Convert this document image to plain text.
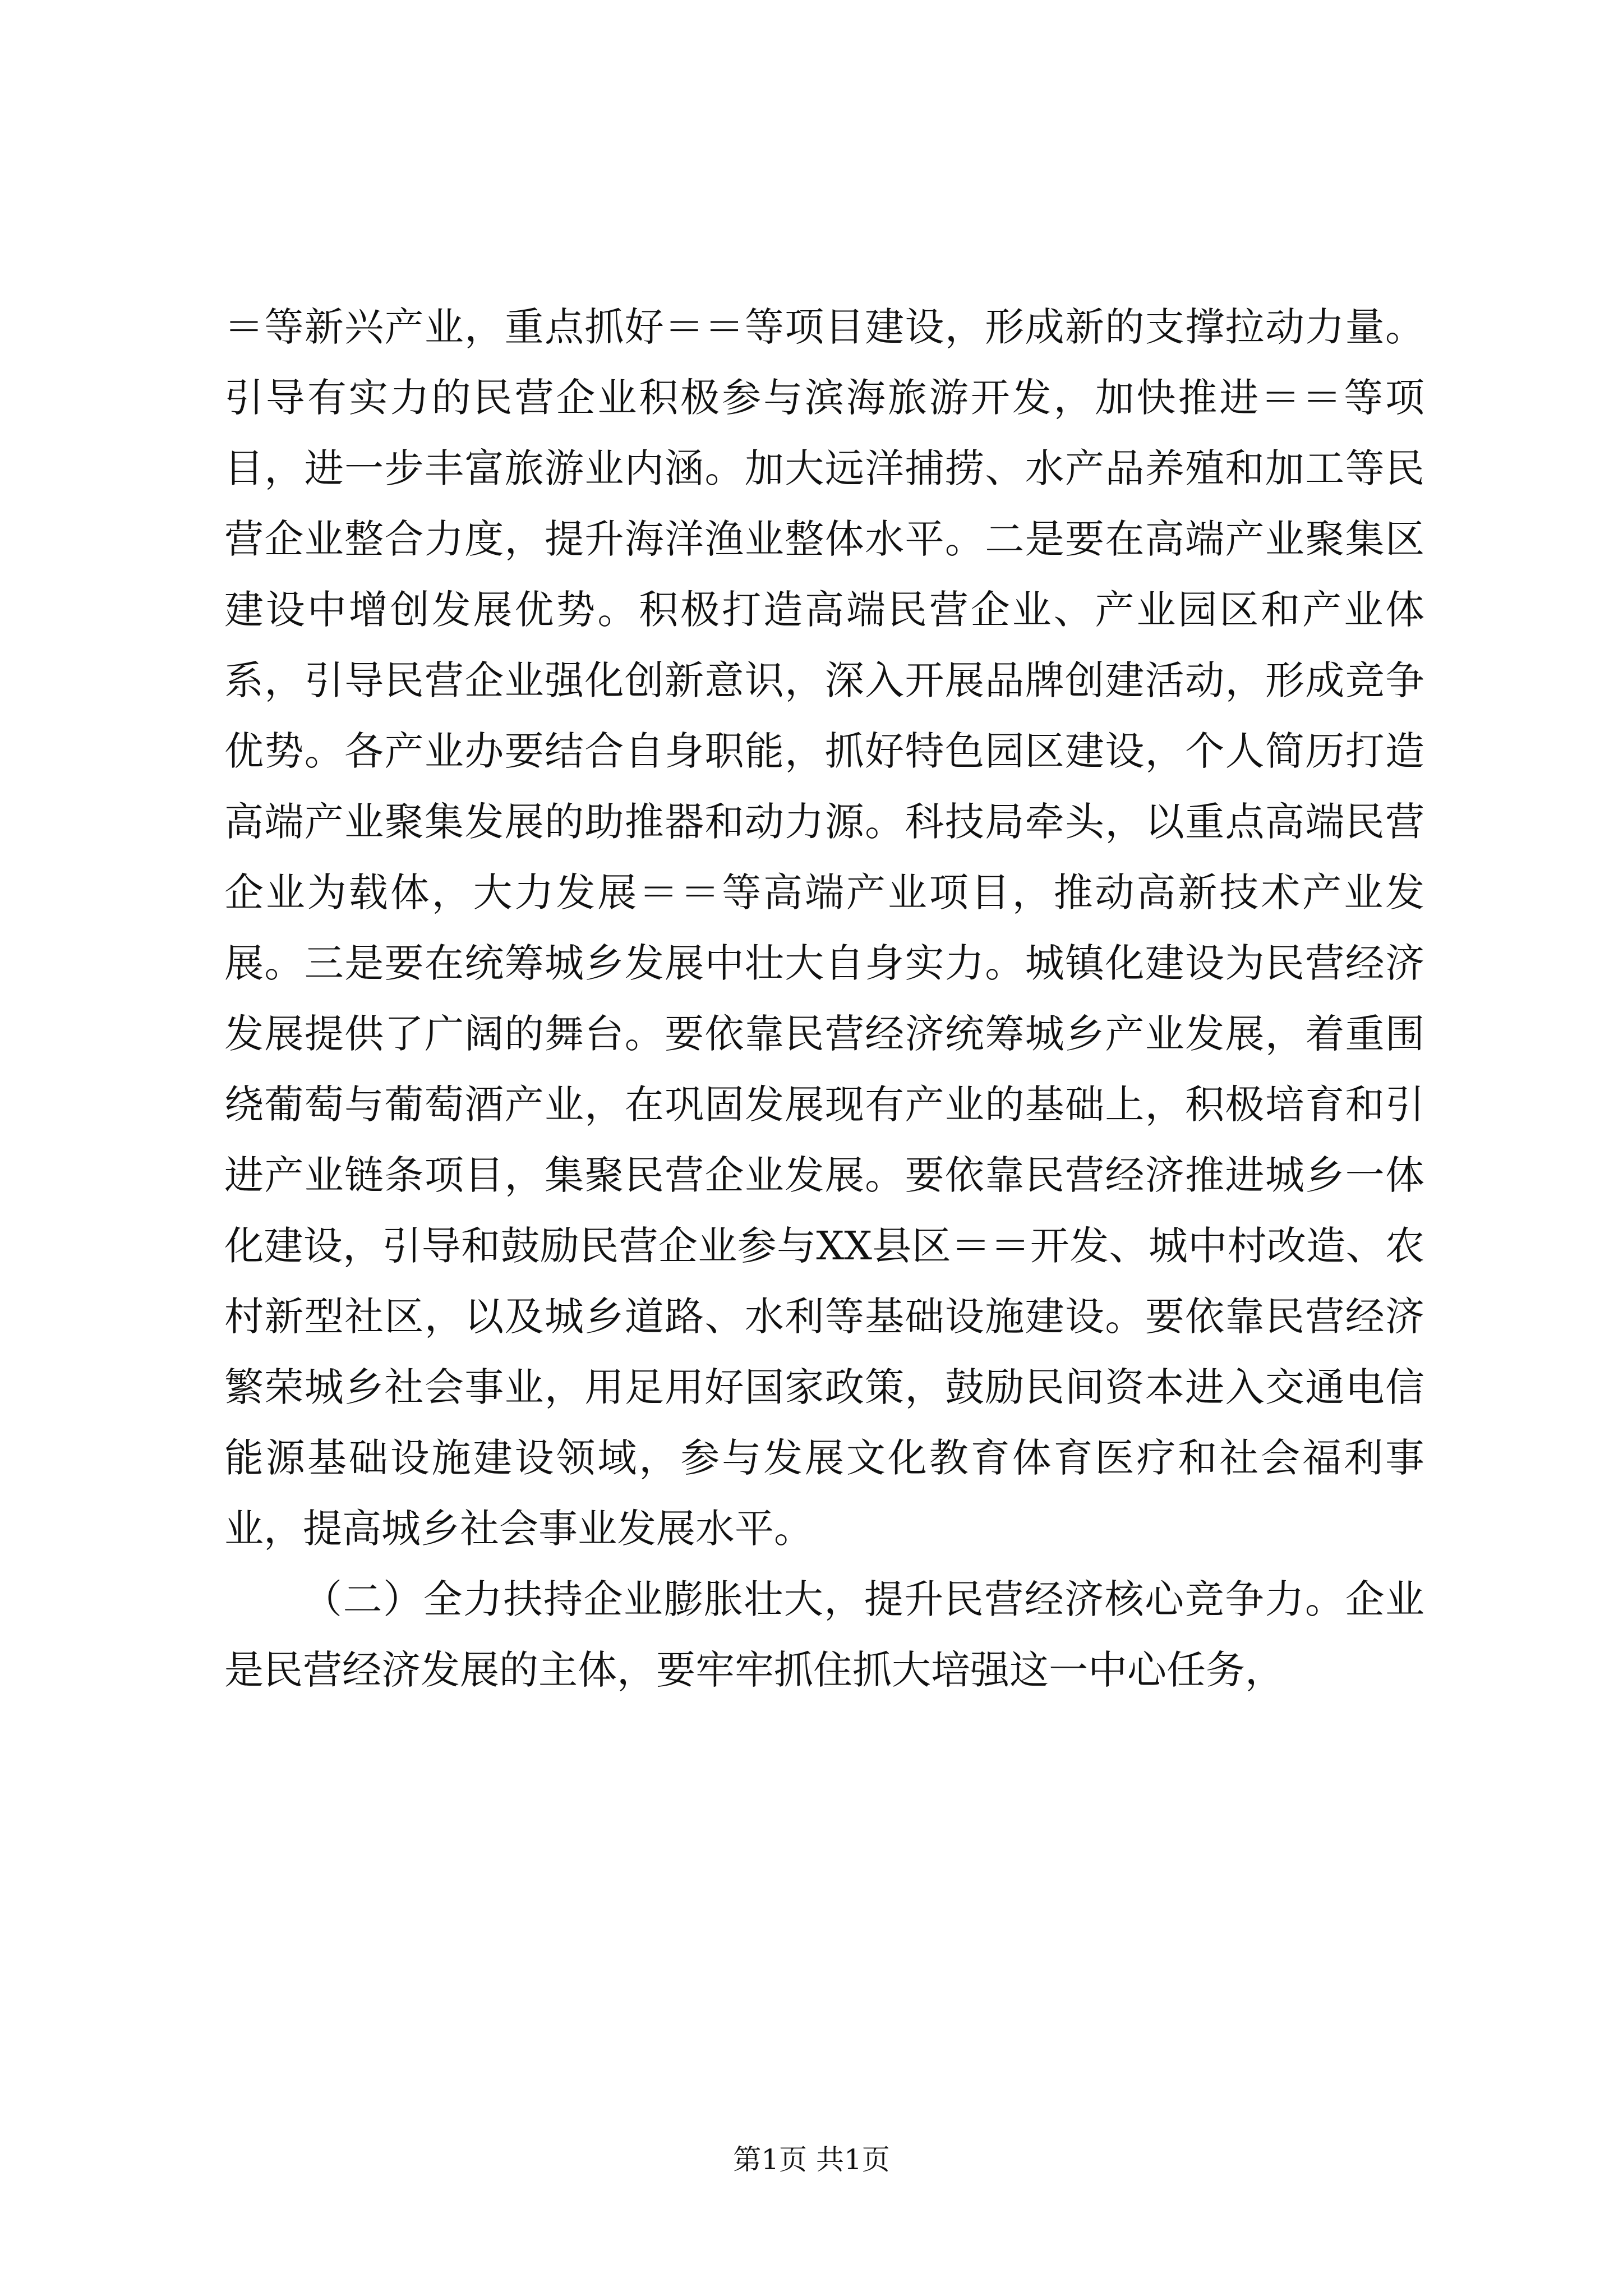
＝等新兴产业，重点抓好＝＝等项目建设，形成新的支撑拉动力量。引导有实力的民营企业积极参与滨海旅游开发，加快推进＝＝等项目，进一步丰富旅游业内涵。加大远洋捕捞、水产品养殖和加工等民营企业整合力度，提升海洋渔业整体水平。二是要在高端产业聚集区建设中增创发展优势。积极打造高端民营企业、产业园区和产业体系，引导民营企业强化创新意识，深入开展品牌创建活动，形成竞争优势。各产业办要结合自身职能，抓好特色园区建设，个人简历打造高端产业聚集发展的助推器和动力源。科技局牵头，以重点高端民营企业为载体，大力发展＝＝等高端产业项目，推动高新技术产业发展。三是要在统筹城乡发展中壮大自身实力。城镇化建设为民营经济发展提供了广阔的舞台。要依靠民营经济统筹城乡产业发展，着重围绕葡萄与葡萄酒产业，在巩固发展现有产业的基础上，积极培育和引进产业链条项目，集聚民营企业发展。要依靠民营经济推进城乡一体化建设，引导和鼓励民营企业参与XX县区＝＝开发、城中村改造、农村新型社区，以及城乡道路、水利等基础设施建设。要依靠民营经济繁荣城乡社会事业，用足用好国家政策，鼓励民间资本进入交通电信能源基础设施建设领域，参与发展文化教育体育医疗和社会福利事业，提高城乡社会事业发展水平。

（二）全力扶持企业膨胀壮大，提升民营经济核心竞争力。企业是民营经济发展的主体，要牢牢抓住抓大培强这一中心任务，

第1页 共1页
